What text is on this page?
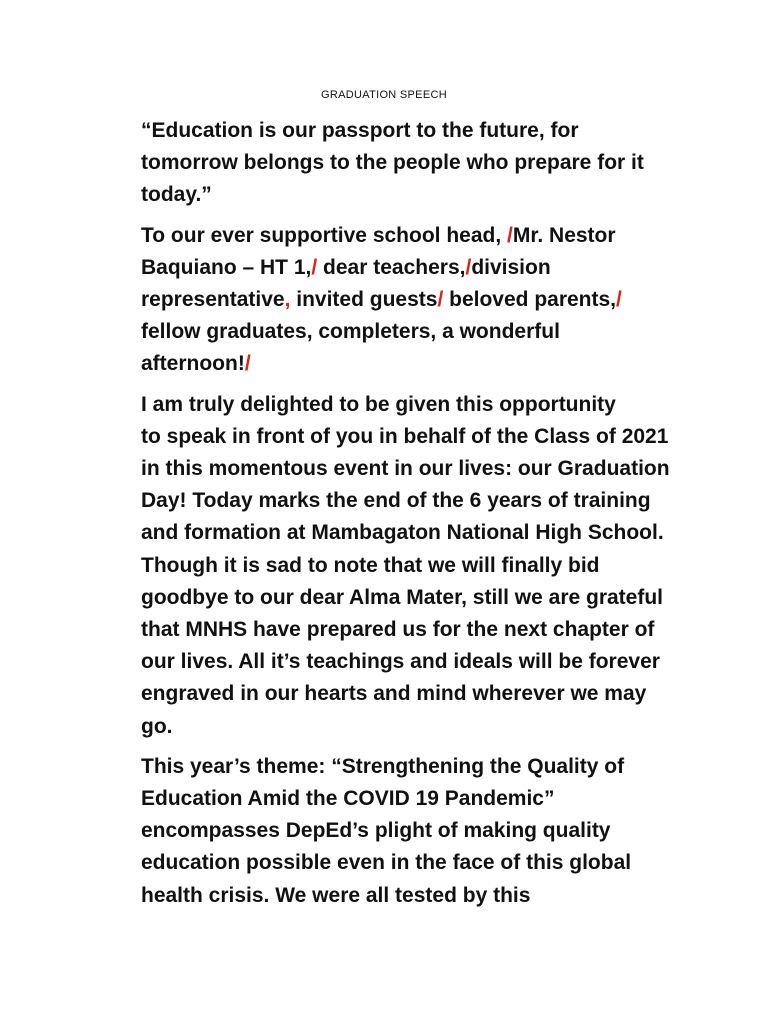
GRADUATION SPEECH
“Education is our passport to the future, for
tomorrow belongs to the people who prepare for it
today.”
To our ever supportive school head, /Mr. Nestor
Baquiano – HT 1,/ dear teachers,/division
representative, invited guests/ beloved parents,/
fellow graduates, completers, a wonderful
afternoon!/
I am truly delighted to be given this opportunity
to speak in front of you in behalf of the Class of 2021
in this momentous event in our lives: our Graduation
Day! Today marks the end of the 6 years of training
and formation at Mambagaton National High School.
Though it is sad to note that we will finally bid
goodbye to our dear Alma Mater, still we are grateful
that MNHS have prepared us for the next chapter of
our lives. All it’s teachings and ideals will be forever
engraved in our hearts and mind wherever we may
go.
This year’s theme: “Strengthening the Quality of
Education Amid the COVID 19 Pandemic”
encompasses DepEd’s plight of making quality
education possible even in the face of this global
health crisis. We were all tested by this
